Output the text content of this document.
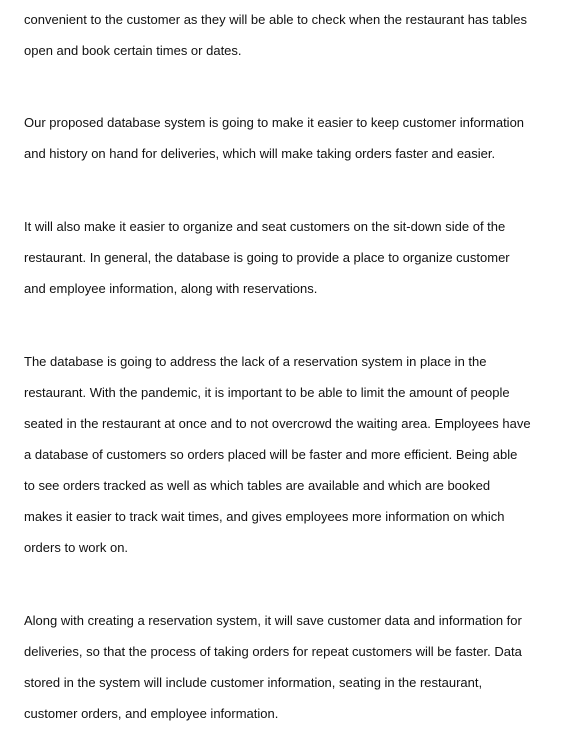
convenient to the customer as they will be able to check when the restaurant has tables
open and book certain times or dates.

Our proposed database system is going to make it easier to keep customer information
and history on hand for deliveries, which will make taking orders faster and easier.

It will also make it easier to organize and seat customers on the sit-down side of the
restaurant. In general, the database is going to provide a place to organize customer
and employee information, along with reservations.

The database is going to address the lack of a reservation system in place in the
restaurant. With the pandemic, it is important to be able to limit the amount of people
seated in the restaurant at once and to not overcrowd the waiting area. Employees have
a database of customers so orders placed will be faster and more efficient. Being able
to see orders tracked as well as which tables are available and which are booked
makes it easier to track wait times, and gives employees more information on which
orders to work on.

Along with creating a reservation system, it will save customer data and information for
deliveries, so that the process of taking orders for repeat customers will be faster. Data
stored in the system will include customer information, seating in the restaurant,
customer orders, and employee information.
